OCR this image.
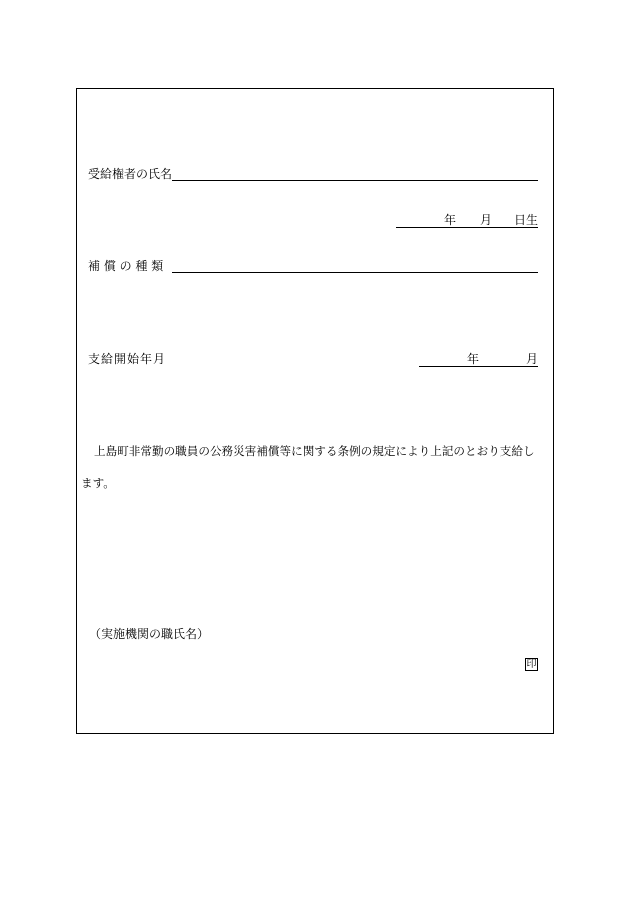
受給権者の氏名
年 月 日生
補 償 の 種 類
支給開始年月	年	月
上島町非常勤の職員の公務災害補償等に関する条例の規定により上記のとおり支給し
ます。
（実施機関の職氏名）
印
